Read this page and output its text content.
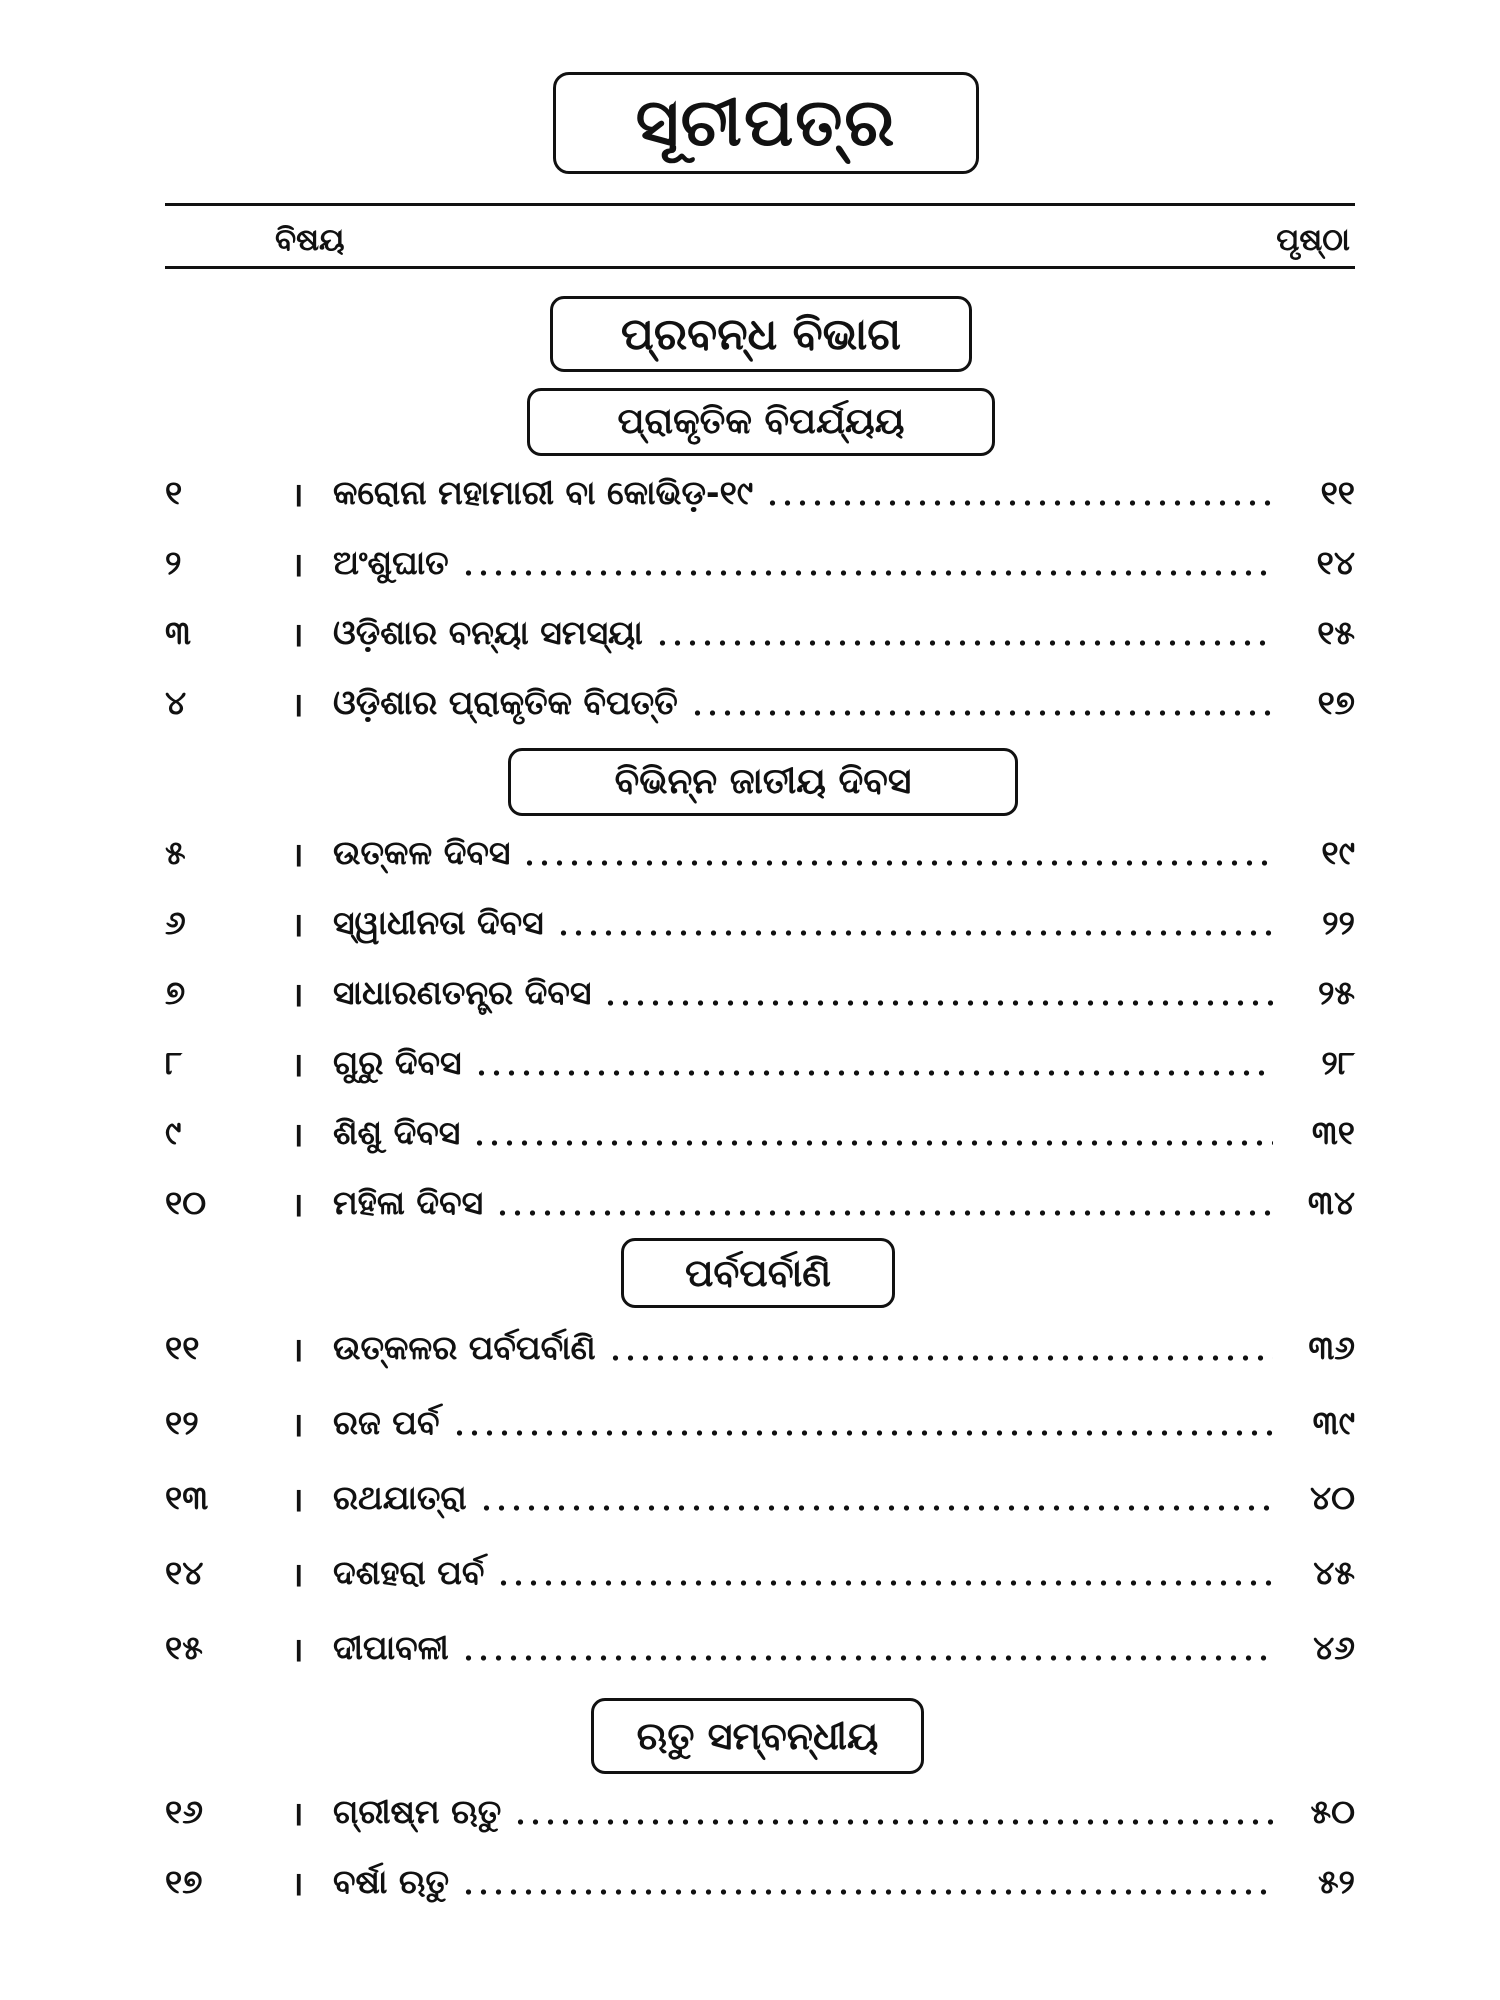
ସୂଚୀପତ୍ର
ବିଷୟ	ପୃଷ୍ଠା
ପ୍ରବନ୍ଧ ବିଭାଗ
ପ୍ରାକୃତିକ ବିପର୍ଯ୍ୟୟ
୧	। କରୋନା ମହାମାରୀ ବା କୋଭିଡ଼-୧୯	୧୧
୨	। ଅଂଶୁଘାତ	୧୪
୩	। ଓଡ଼ିଶାର ବନ୍ୟା ସମସ୍ୟା	୧୫
୪	। ଓଡ଼ିଶାର ପ୍ରାକୃତିକ ବିପତ୍ତି	୧୭
ବିଭିନ୍ନ ଜାତୀୟ ଦିବସ
୫	। ଉତ୍କଳ ଦିବସ	୧୯
୬	। ସ୍ୱାଧୀନତା ଦିବସ	୨୨
୭	। ସାଧାରଣତନ୍ତ୍ର ଦିବସ	୨୫
୮	। ଗୁରୁ ଦିବସ	୨୮
୯	। ଶିଶୁ ଦିବସ	୩୧
୧୦	। ମହିଳା ଦିବସ	୩୪
ପର୍ବପର୍ବାଣି
୧୧	। ଉତ୍କଳର ପର୍ବପର୍ବାଣି	୩୬
୧୨	। ରଜ ପର୍ବ	୩୯
୧୩	। ରଥଯାତ୍ରା	୪୦
୧୪	। ଦଶହରା ପର୍ବ	୪୫
୧୫	। ଦୀପାବଳୀ	୪୬
ଋତୁ ସମ୍ବନ୍ଧୀୟ
୧୬	। ଗ୍ରୀଷ୍ମ ଋତୁ	୫୦
୧୭	। ବର୍ଷା ଋତୁ	୫୨
